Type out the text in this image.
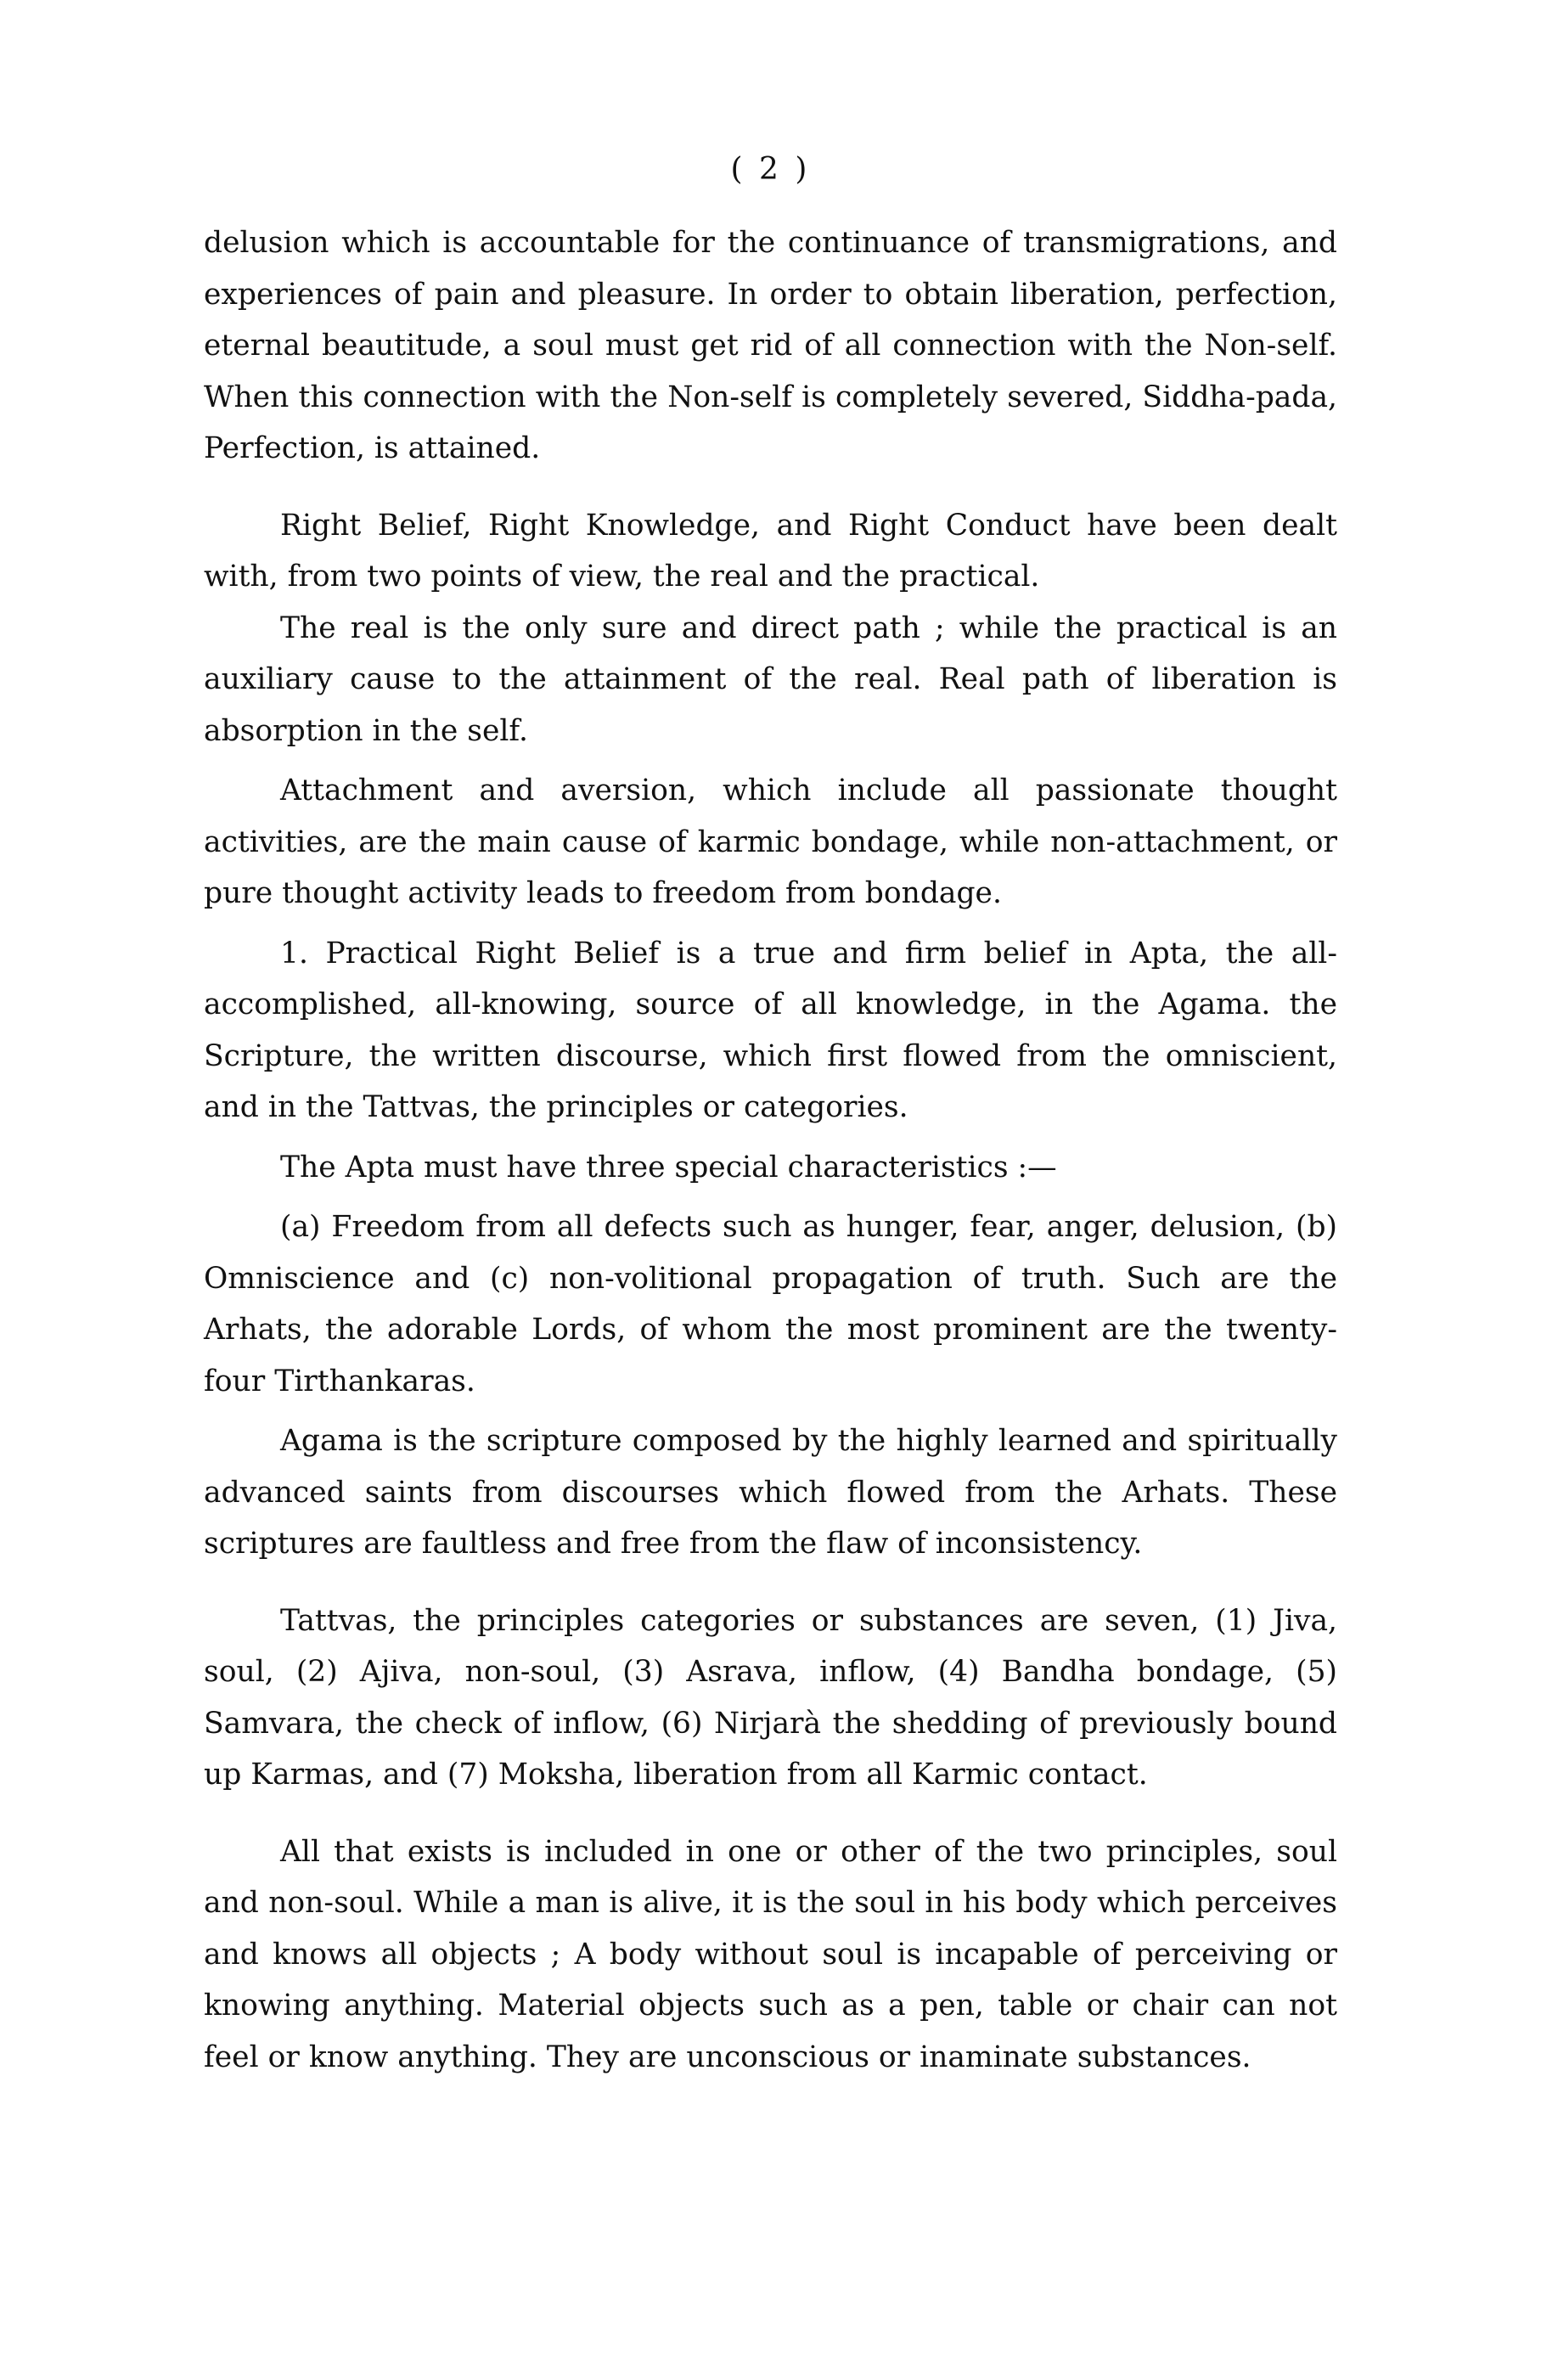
( 2 )

delusion which is accountable for the continuance of transmigrations, and experiences of pain and pleasure. In order to obtain liberation, perfection, eternal beautitude, a soul must get rid of all connection with the Non-self. When this connection with the Non-self is completely severed, Siddha-pada, Perfection, is attained.

Right Belief, Right Knowledge, and Right Conduct have been dealt with, from two points of view, the real and the practical.

The real is the only sure and direct path ; while the practical is an auxiliary cause to the attainment of the real. Real path of liberation is absorption in the self.

Attachment and aversion, which include all passionate thought activities, are the main cause of karmic bondage, while non-attachment, or pure thought activity leads to freedom from bondage.

1. Practical Right Belief is a true and firm belief in Apta, the all-accomplished, all-knowing, source of all knowledge, in the Agama. the Scripture, the written discourse, which first flowed from the omniscient, and in the Tattvas, the principles or categories.

The Apta must have three special characteristics :—

(a) Freedom from all defects such as hunger, fear, anger, delusion, (b) Omniscience and (c) non-volitional propagation of truth. Such are the Arhats, the adorable Lords, of whom the most prominent are the twenty-four Tirthankaras.

Agama is the scripture composed by the highly learned and spiritually advanced saints from discourses which flowed from the Arhats. These scriptures are faultless and free from the flaw of inconsistency.

Tattvas, the principles categories or substances are seven, (1) Jiva, soul, (2) Ajiva, non-soul, (3) Asrava, inflow, (4) Bandha bondage, (5) Samvara, the check of inflow, (6) Nirjarà the shedding of previously bound up Karmas, and (7) Moksha, liberation from all Karmic contact.

All that exists is included in one or other of the two principles, soul and non-soul. While a man is alive, it is the soul in his body which perceives and knows all objects ; A body without soul is incapable of perceiving or knowing anything. Material objects such as a pen, table or chair can not feel or know anything. They are unconscious or inaminate substances.
